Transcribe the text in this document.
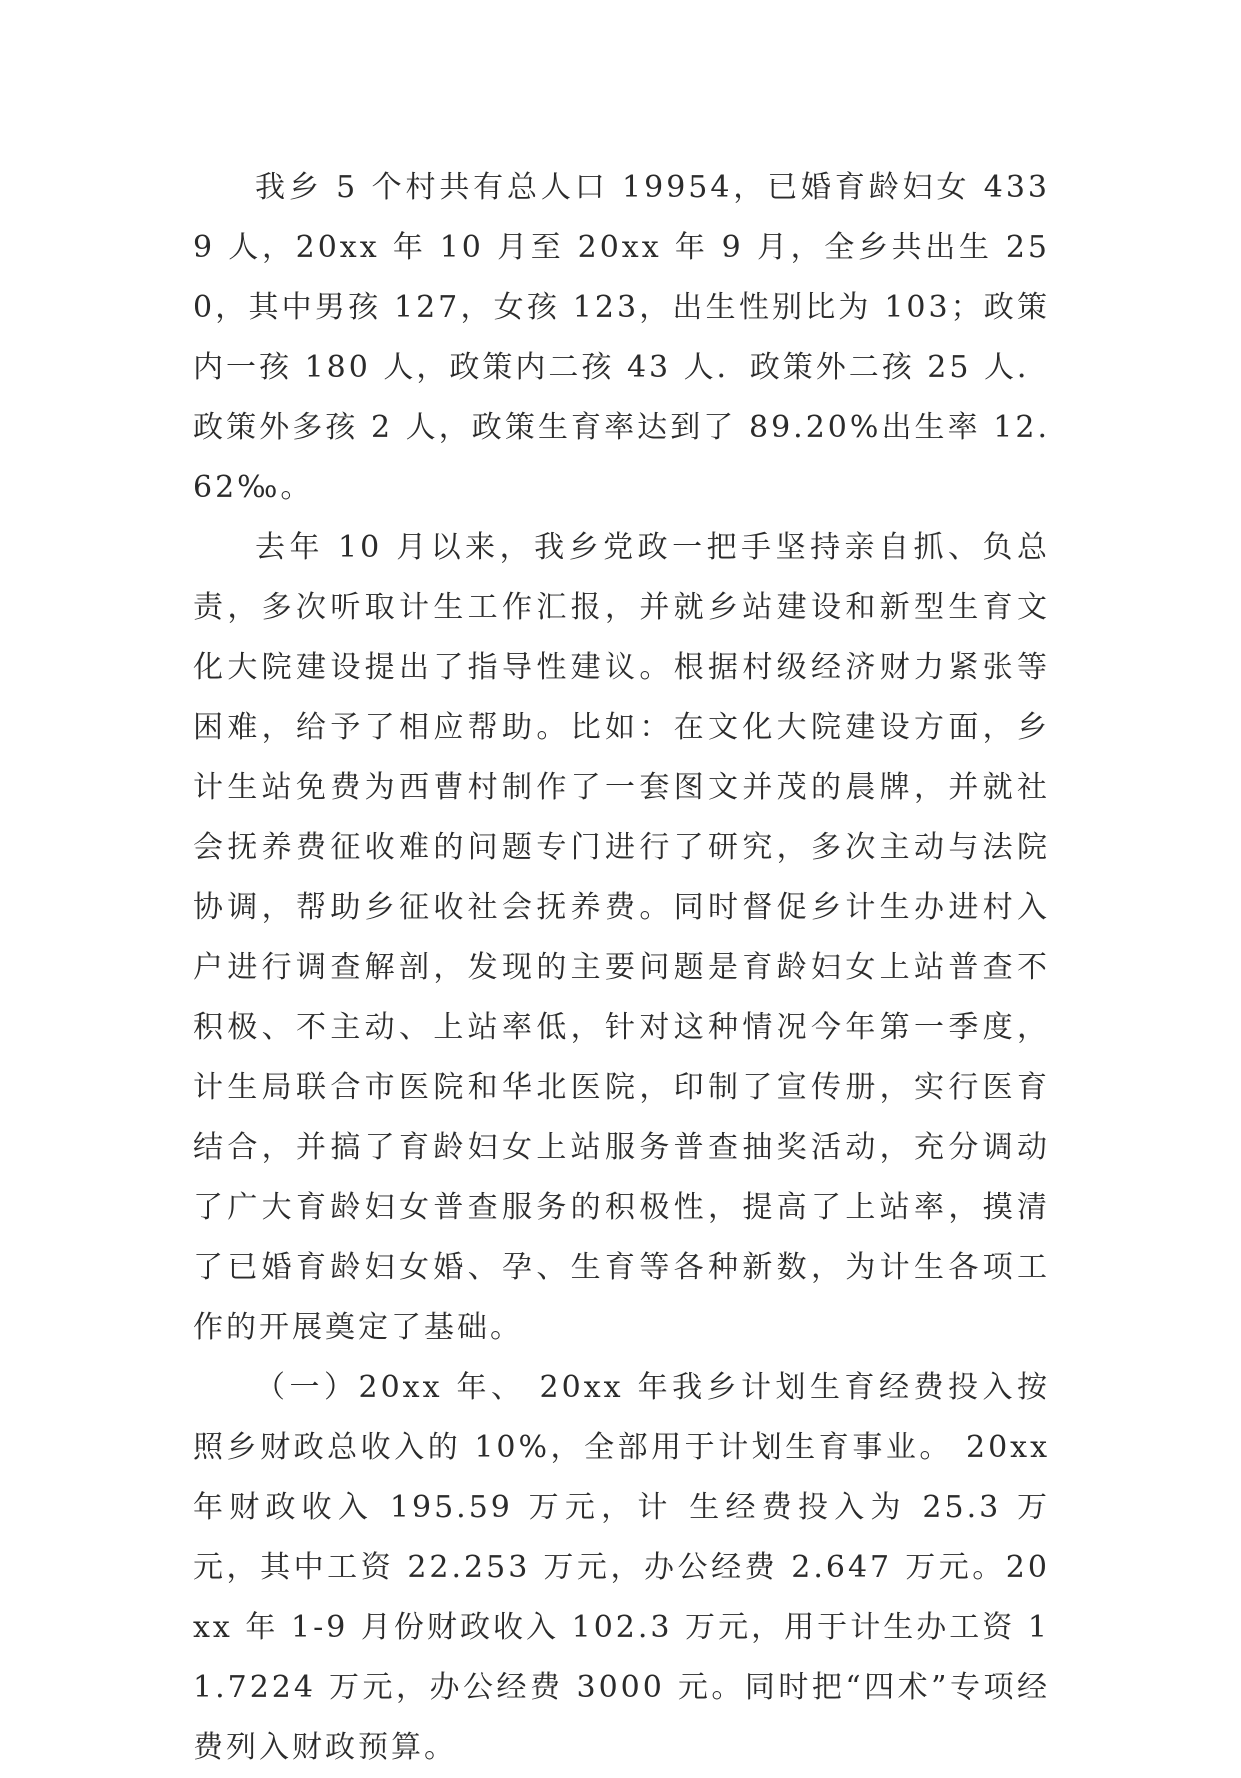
我乡 5 个村共有总人口 19954，已婚育龄妇女 4339 人，20xx 年 10 月至 20xx 年 9 月，全乡共出生 250，其中男孩 127，女孩 123，出生性别比为 103；政策内一孩 180 人，政策内二孩 43 人．政策外二孩 25 人．政策外多孩 2 人，政策生育率达到了 89.20%出生率 12.62‰。

去年 10 月以来，我乡党政一把手坚持亲自抓、负总责，多次听取计生工作汇报，并就乡站建设和新型生育文化大院建设提出了指导性建议。根据村级经济财力紧张等困难，给予了相应帮助。比如：在文化大院建设方面，乡计生站免费为西曹村制作了一套图文并茂的晨牌，并就社会抚养费征收难的问题专门进行了研究，多次主动与法院协调，帮助乡征收社会抚养费。同时督促乡计生办进村入户进行调查解剖，发现的主要问题是育龄妇女上站普查不积极、不主动、上站率低，针对这种情况今年第一季度，计生局联合市医院和华北医院，印制了宣传册，实行医育结合，并搞了育龄妇女上站服务普查抽奖活动，充分调动了广大育龄妇女普查服务的积极性，提高了上站率，摸清了已婚育龄妇女婚、孕、生育等各种新数，为计生各项工作的开展奠定了基础。

（一）20xx 年、 20xx 年我乡计划生育经费投入按照乡财政总收入的 10%，全部用于计划生育事业。 20xx 年财政收入 195.59 万元，计 生经费投入为 25.3 万元，其中工资 22.253 万元，办公经费 2.647 万元。20xx 年 1-9 月份财政收入 102.3 万元，用于计生办工资 11.7224 万元，办公经费 3000 元。同时把“四术”专项经费列入财政预算。
